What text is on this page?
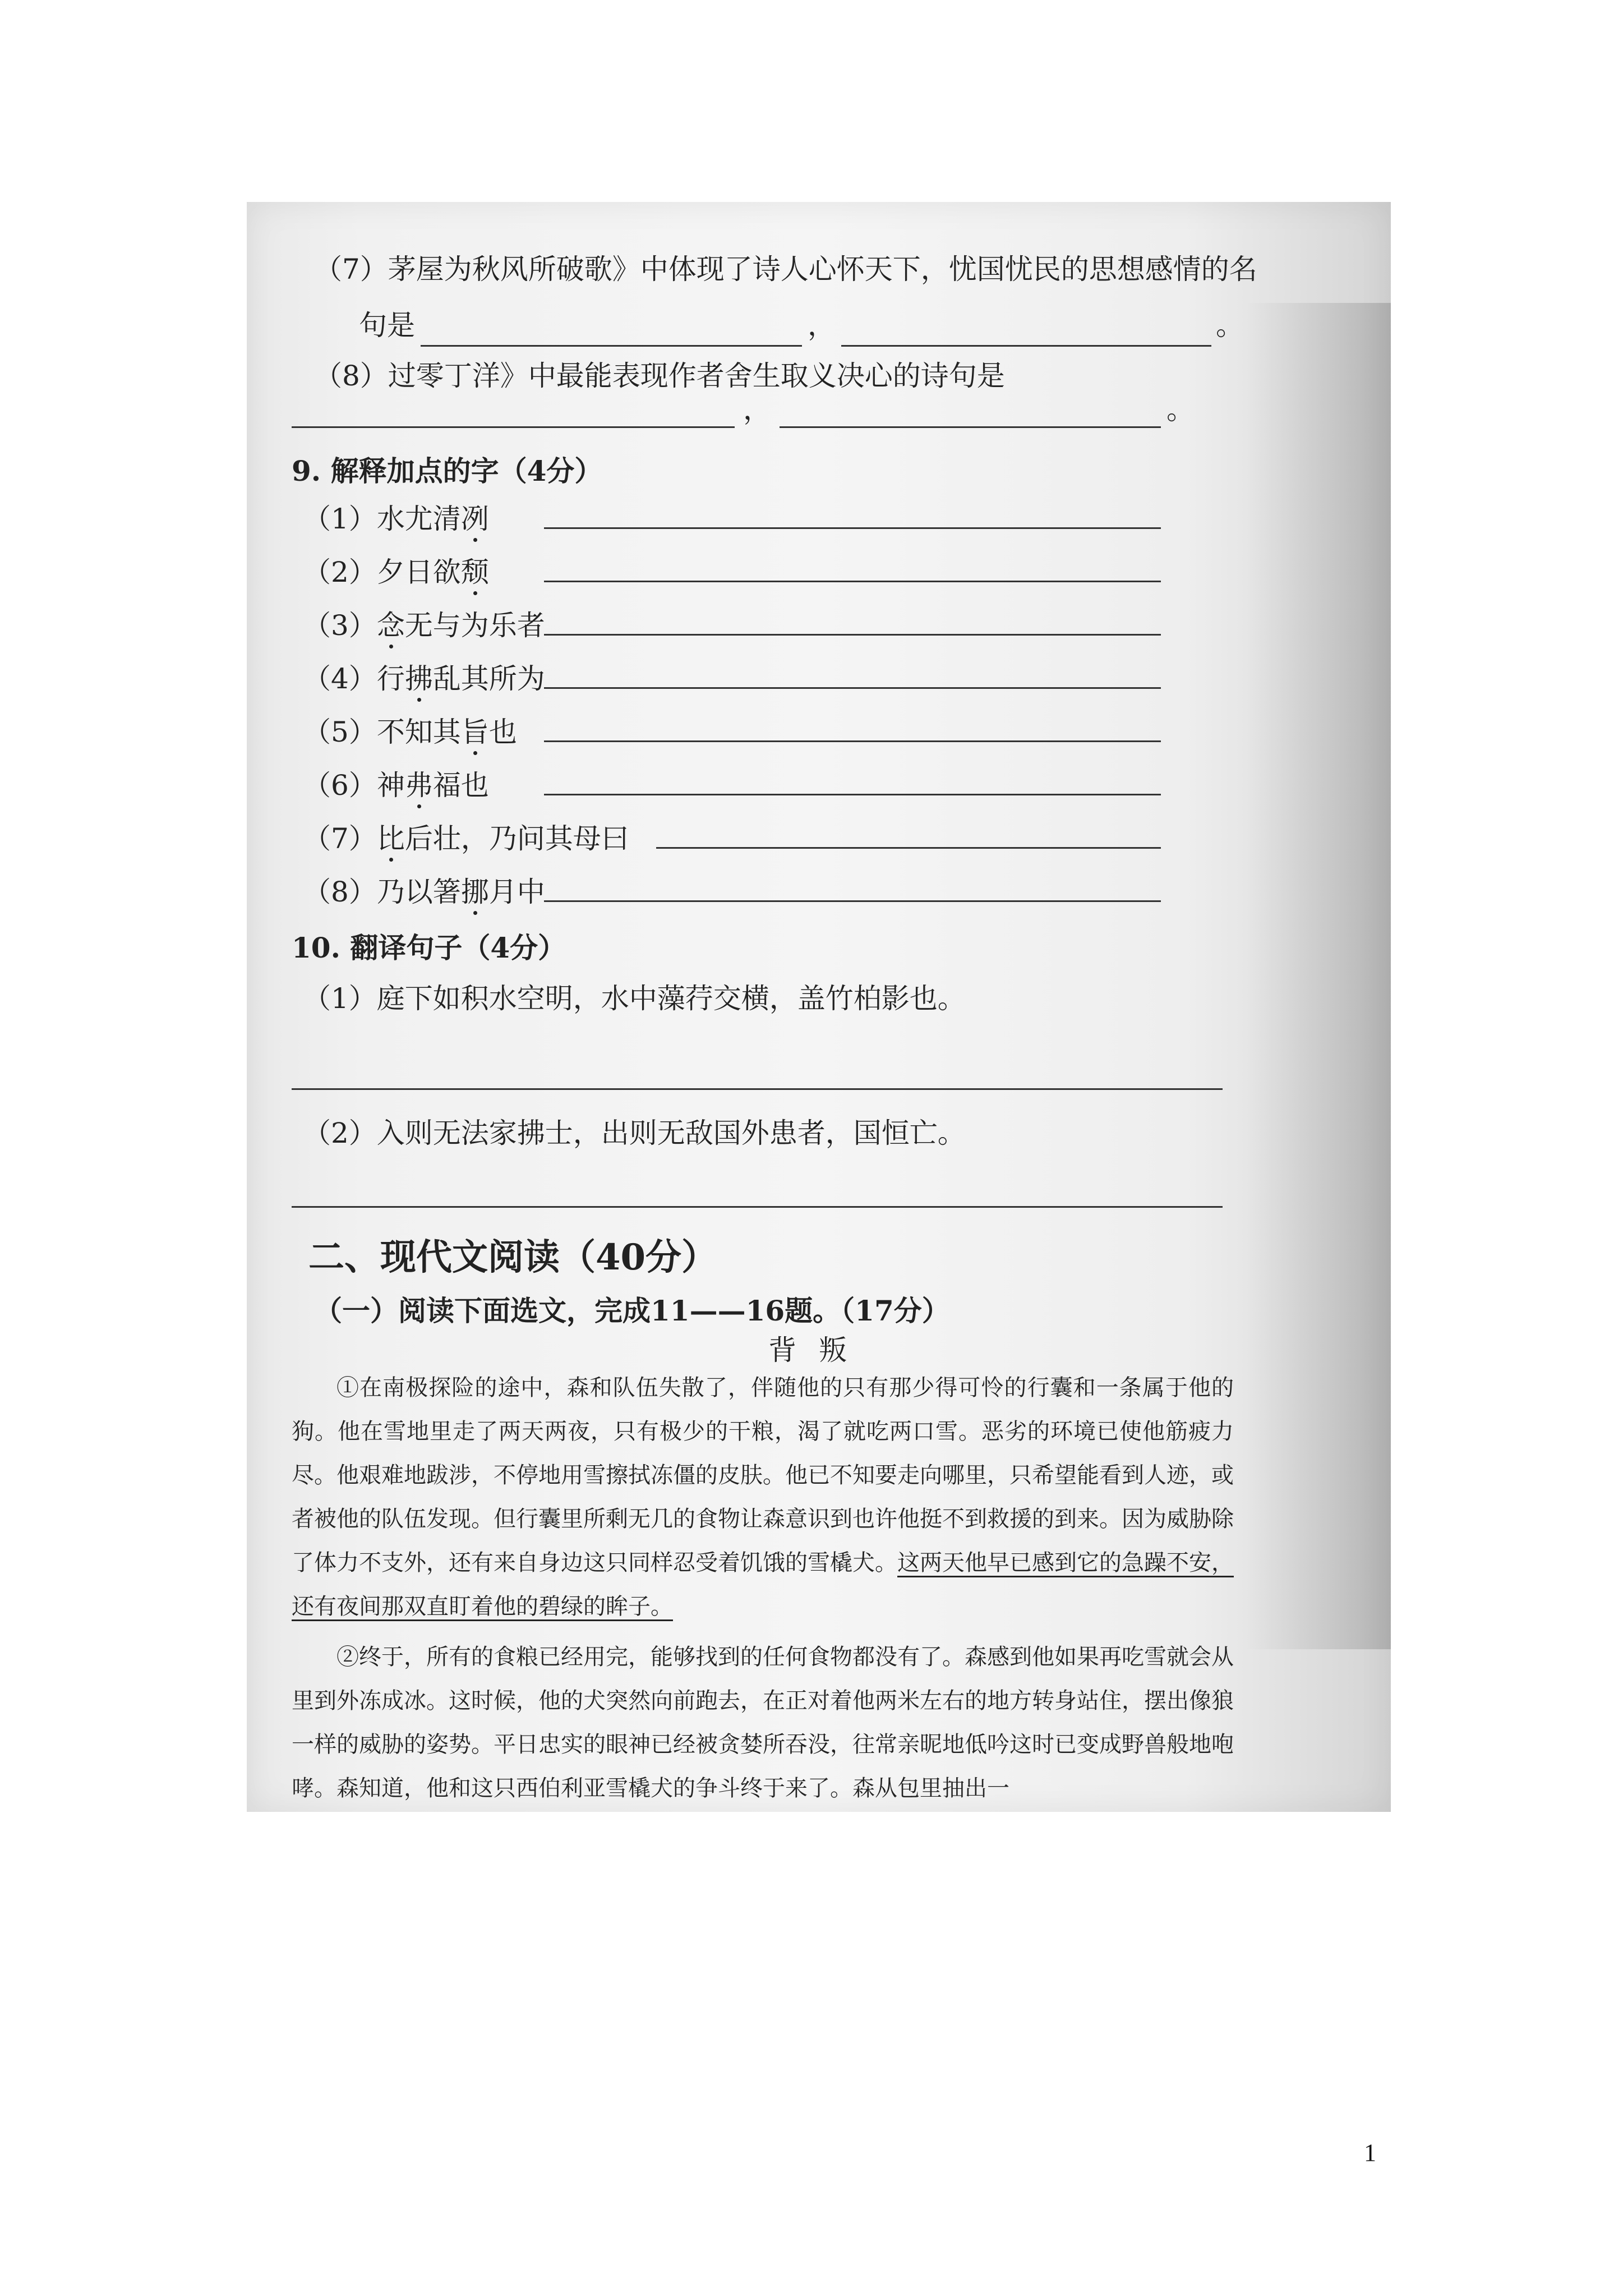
（7）茅屋为秋风所破歌》中体现了诗人心怀天下，忧国忧民的思想感情的名
句是	，	。
（8）过零丁洋》中最能表现作者舍生取义决心的诗句是
，	。
9. 解释加点的字（4分）
（1）水尤清冽
（2）夕日欲颓
（3）念无与为乐者
（4）行拂乱其所为
（5）不知其旨也
（6）神弗福也
（7）比后壮，乃问其母曰
（8）乃以箸挪月中
10. 翻译句子（4分）
（1）庭下如积水空明，水中藻荇交横，盖竹柏影也。
（2）入则无法家拂士，出则无敌国外患者，国恒亡。
二、现代文阅读（40分）
（一）阅读下面选文，完成11——16题。（17分）
背叛
①在南极探险的途中，森和队伍失散了，伴随他的只有那少得可怜的行囊和一条属于他的狗。他在雪地里走了两天两夜，只有极少的干粮，渴了就吃两口雪。恶劣的环境已使他筋疲力尽。他艰难地跋涉，不停地用雪擦拭冻僵的皮肤。他已不知要走向哪里，只希望能看到人迹，或者被他的队伍发现。但行囊里所剩无几的食物让森意识到也许他挺不到救援的到来。因为威胁除了体力不支外，还有来自身边这只同样忍受着饥饿的雪橇犬。这两天他早已感到它的急躁不安，还有夜间那双直盯着他的碧绿的眸子。
②终于，所有的食粮已经用完，能够找到的任何食物都没有了。森感到他如果再吃雪就会从里到外冻成冰。这时候，他的犬突然向前跑去，在正对着他两米左右的地方转身站住，摆出像狼一样的威胁的姿势。平日忠实的眼神已经被贪婪所吞没，往常亲昵地低吟这时已变成野兽般地咆哮。森知道，他和这只西伯利亚雪橇犬的争斗终于来了。森从包里抽出一
1
